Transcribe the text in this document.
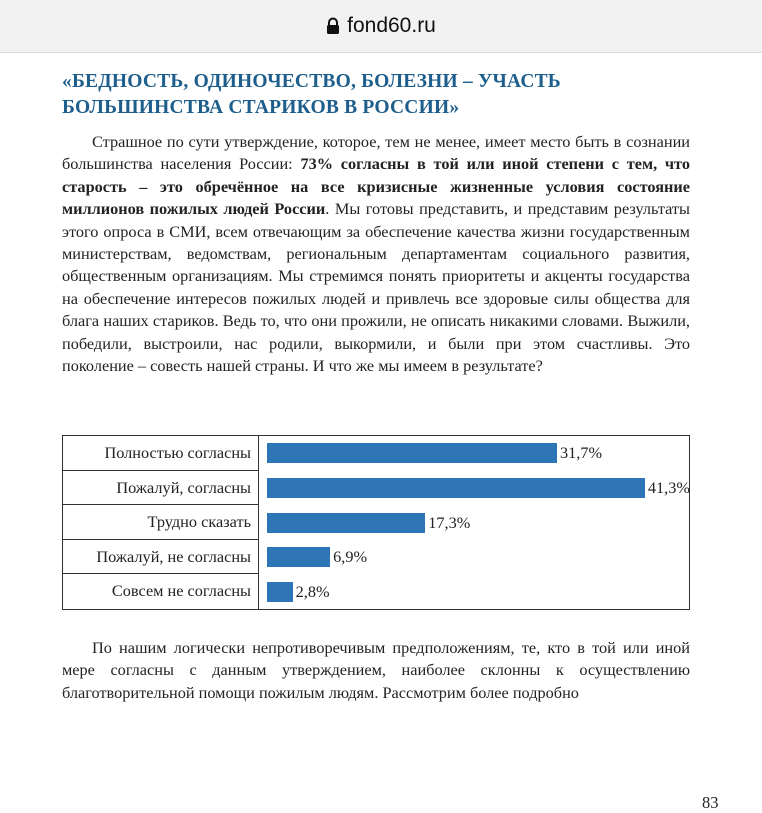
fond60.ru
«БЕДНОСТЬ, ОДИНОЧЕСТВО, БОЛЕЗНИ – УЧАСТЬ БОЛЬШИНСТВА СТАРИКОВ В РОССИИ»

Страшное по сути утверждение, которое, тем не менее, имеет место быть в сознании большинства населения России: 73% согласны в той или иной степени с тем, что старость – это обречённое на все кризисные жизненные условия состояние миллионов пожилых людей России. Мы готовы представить, и представим результаты этого опроса в СМИ, всем отвечающим за обеспечение качества жизни государственным министерствам, ведомствам, региональным департаментам социального развития, общественным организациям. Мы стремимся понять приоритеты и акценты государства на обеспечение интересов пожилых людей и привлечь все здоровые силы общества для блага наших стариков. Ведь то, что они прожили, не описать никакими словами. Выжили, победили, выстроили, нас родили, выкормили, и были при этом счастливы. Это поколение – совесть нашей страны. И что же мы имеем в результате?

Полностью согласны
Пожалуй, согласны
Трудно сказать
Пожалуй, не согласны
Совсем не согласны
31,7%
41,3%
17,3%
6,9%
2,8%

По нашим логически непротиворечивым предположениям, те, кто в той или иной мере согласны с данным утверждением, наиболее склонны к осуществлению благотворительной помощи пожилым людям. Рассмотрим более подробно

83
